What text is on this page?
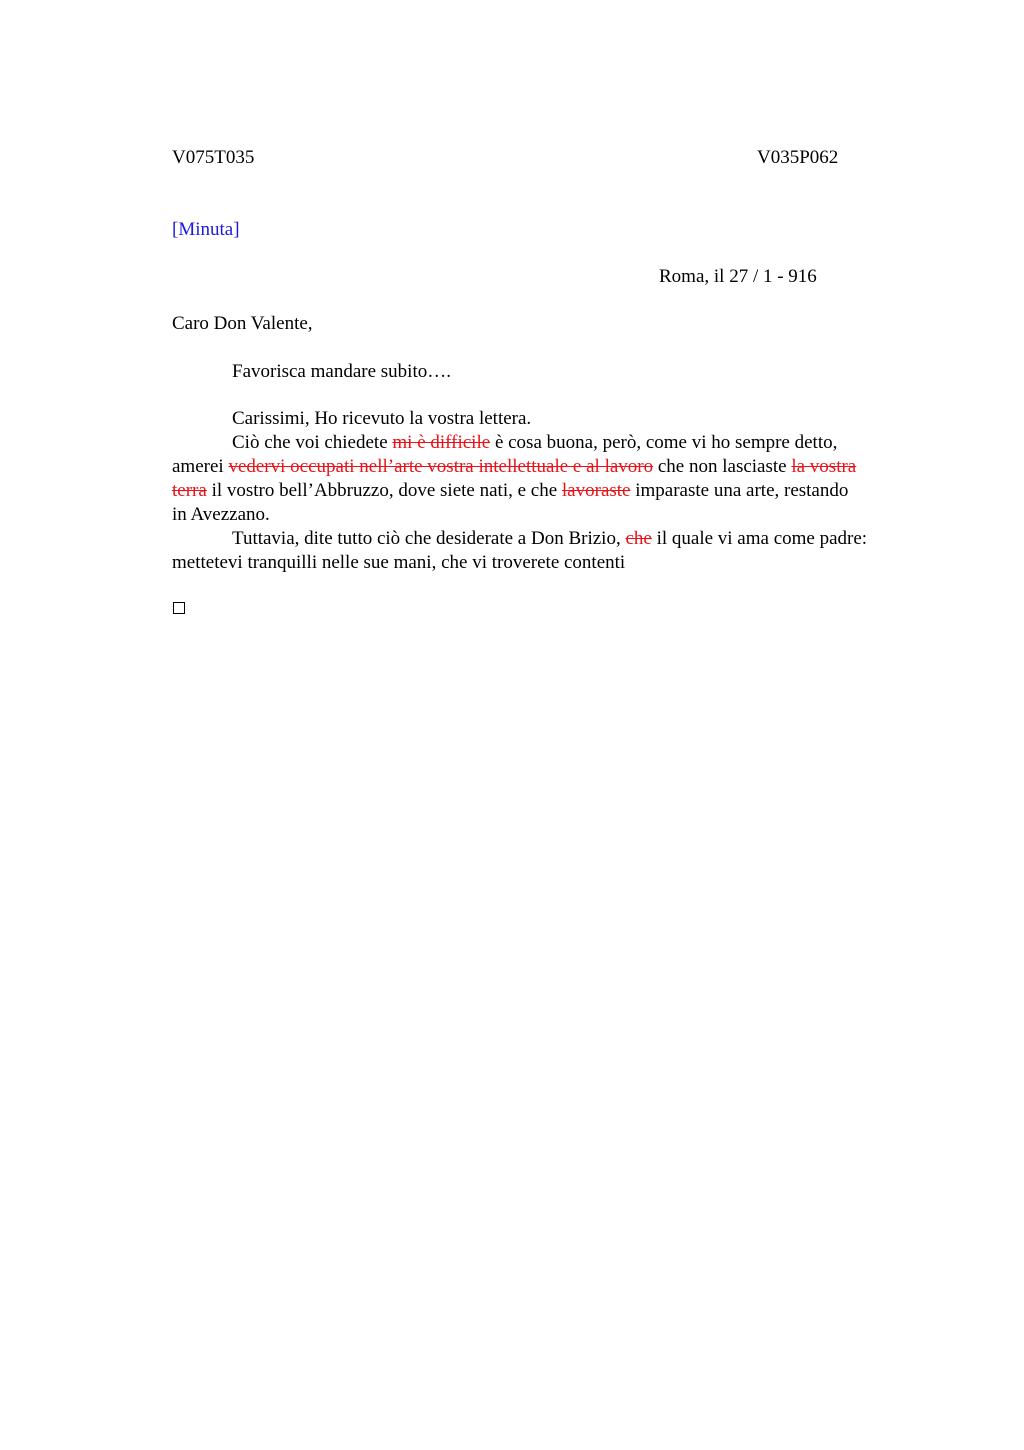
V075T035	V035P062
[Minuta]
Roma, il 27 / 1 - 916
Caro Don Valente,
Favorisca mandare subito….
Carissimi, Ho ricevuto la vostra lettera.
Ciò che voi chiedete mi è difficile è cosa buona, però, come vi ho sempre detto,
amerei vedervi occupati nell’arte vostra intellettuale e al lavoro che non lasciaste la vostra
terra il vostro bell’Abbruzzo, dove siete nati, e che lavoraste imparaste una arte, restando
in Avezzano.
Tuttavia, dite tutto ciò che desiderate a Don Brizio, che il quale vi ama come padre:
mettetevi tranquilli nelle sue mani, che vi troverete contenti
